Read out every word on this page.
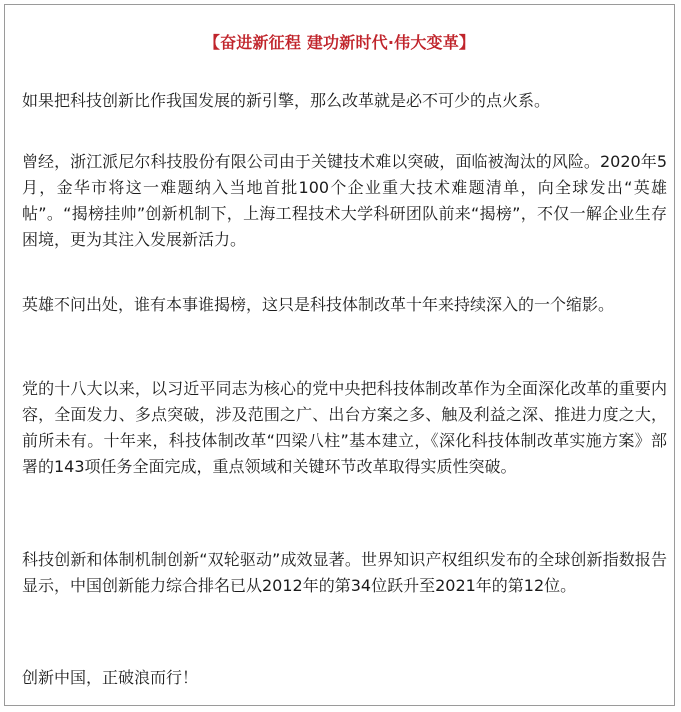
【奋进新征程 建功新时代·伟大变革】

如果把科技创新比作我国发展的新引擎，那么改革就是必不可少的点火系。

曾经，浙江派尼尔科技股份有限公司由于关键技术难以突破，面临被淘汰的风险。2020年5月，金华市将这一难题纳入当地首批100个企业重大技术难题清单，向全球发出“英雄帖”。“揭榜挂帅”创新机制下，上海工程技术大学科研团队前来“揭榜”，不仅一解企业生存困境，更为其注入发展新活力。

英雄不问出处，谁有本事谁揭榜，这只是科技体制改革十年来持续深入的一个缩影。

党的十八大以来，以习近平同志为核心的党中央把科技体制改革作为全面深化改革的重要内容，全面发力、多点突破，涉及范围之广、出台方案之多、触及利益之深、推进力度之大，前所未有。十年来，科技体制改革“四梁八柱”基本建立，《深化科技体制改革实施方案》部署的143项任务全面完成，重点领域和关键环节改革取得实质性突破。

科技创新和体制机制创新“双轮驱动”成效显著。世界知识产权组织发布的全球创新指数报告显示，中国创新能力综合排名已从2012年的第34位跃升至2021年的第12位。

创新中国，正破浪而行！
